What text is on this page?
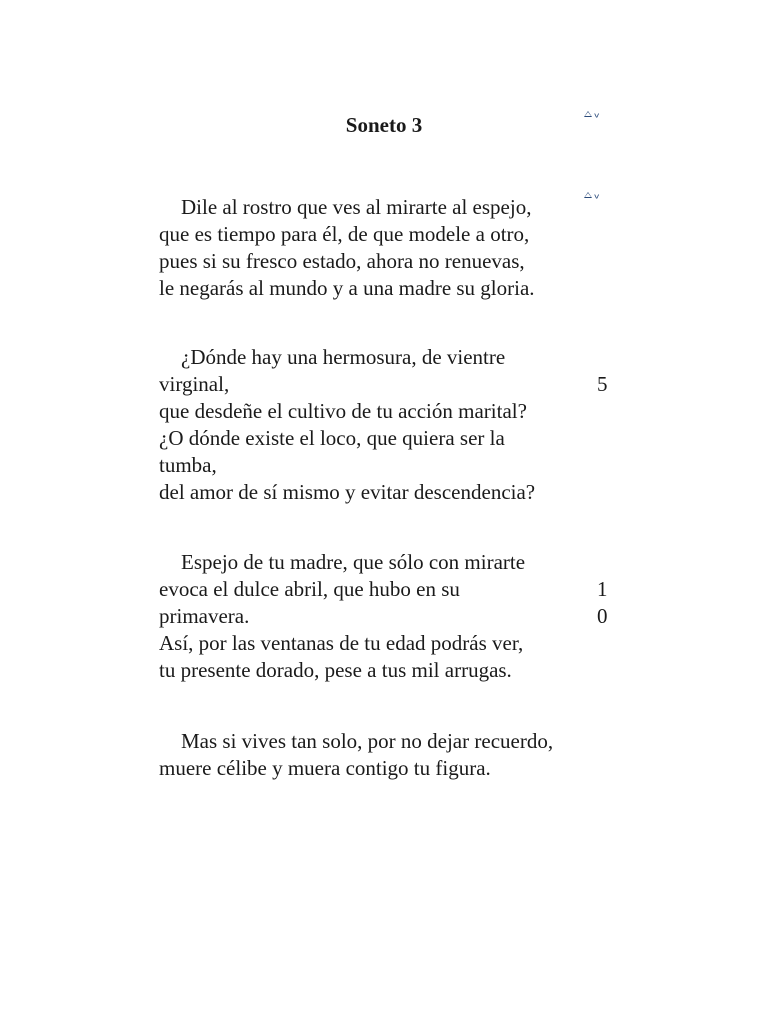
Soneto 3	v
v
Dile al rostro que ves al mirarte al espejo,
que es tiempo para él, de que modele a otro,
pues si su fresco estado, ahora no renuevas,
le negarás al mundo y a una madre su gloria.
¿Dónde hay una hermosura, de vientre
virginal,	5
que desdeñe el cultivo de tu acción marital?
¿O dónde existe el loco, que quiera ser la
tumba,
del amor de sí mismo y evitar descendencia?
Espejo de tu madre, que sólo con mirarte
evoca el dulce abril, que hubo en su	1
primavera.	0
Así, por las ventanas de tu edad podrás ver,
tu presente dorado, pese a tus mil arrugas.
Mas si vives tan solo, por no dejar recuerdo,
muere célibe y muera contigo tu figura.
